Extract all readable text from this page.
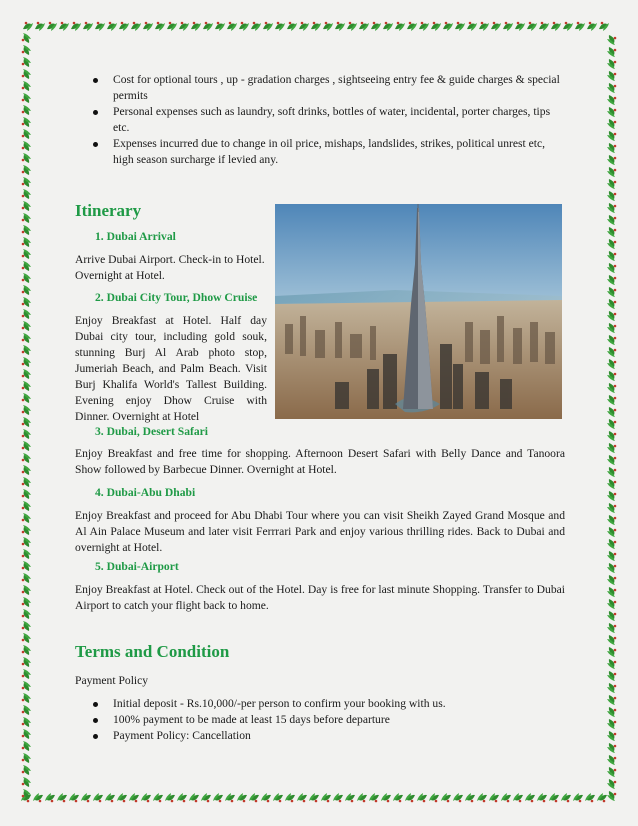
Cost for optional tours , up - gradation charges , sightseeing entry fee & guide charges & special permits
Personal expenses such as laundry, soft drinks, bottles of water, incidental, porter charges, tips etc.
Expenses incurred due to change in oil price, mishaps, landslides, strikes, political unrest etc, high season surcharge if levied any.
Itinerary
1. Dubai Arrival
Arrive Dubai Airport. Check-in to Hotel. Overnight at Hotel.
2. Dubai City Tour, Dhow Cruise
Enjoy Breakfast at Hotel. Half day Dubai city tour, including gold souk, stunning Burj Al Arab photo stop, Jumeriah Beach, and Palm Beach. Visit Burj Khalifa World's Tallest Building. Evening enjoy Dhow Cruise with Dinner. Overnight at Hotel
3. Dubai, Desert Safari
Enjoy Breakfast and free time for shopping. Afternoon Desert Safari with Belly Dance and Tanoora Show followed by Barbecue Dinner. Overnight at Hotel.
4. Dubai-Abu Dhabi
Enjoy Breakfast and proceed for Abu Dhabi Tour where you can visit Sheikh Zayed Grand Mosque and Al Ain Palace Museum and later visit Ferrrari Park and enjoy various thrilling rides. Back to Dubai and overnight at Hotel.
5. Dubai-Airport
Enjoy Breakfast at Hotel. Check out of the Hotel. Day is free for last minute Shopping. Transfer to Dubai Airport to catch your flight back to home.
Terms and Condition
Payment Policy
Initial deposit - Rs.10,000/-per person to confirm your booking with us.
100% payment to be made at least 15 days before departure
Payment Policy: Cancellation
